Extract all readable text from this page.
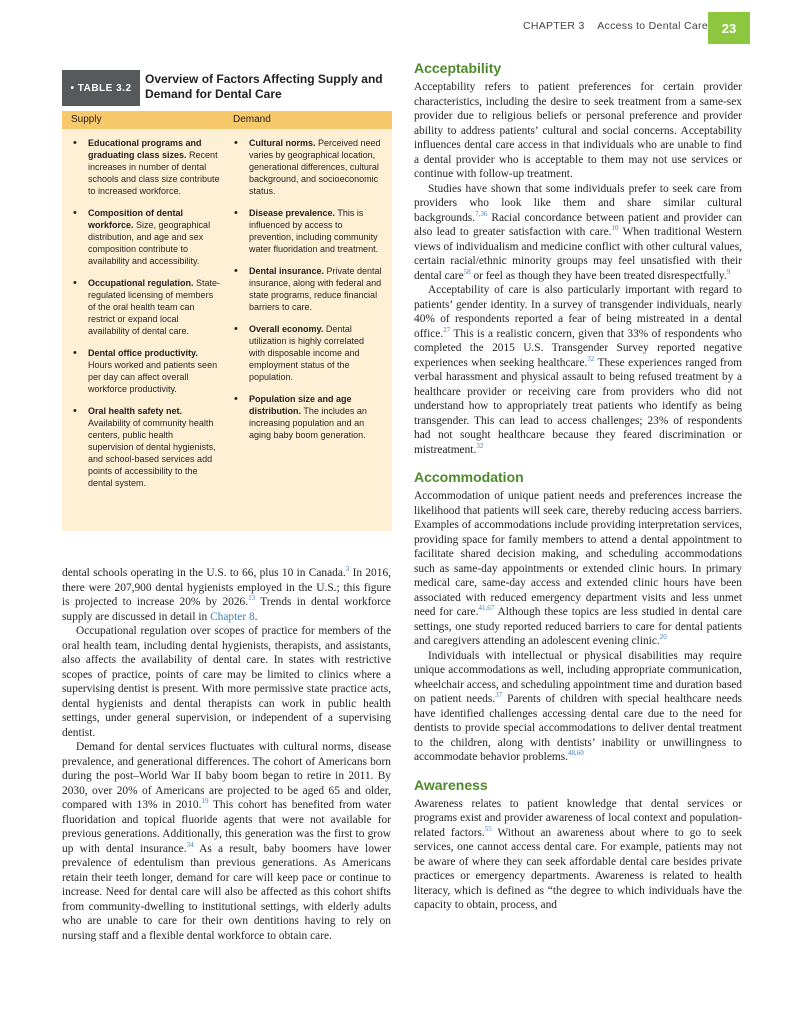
CHAPTER 3 Access to Dental Care	23
• TABLE 3.2
Overview of Factors Affecting Supply and Demand for Dental Care
Supply	Demand
• Educational programs and graduating class sizes. Recent increases in number of dental schools and class size contribute to increased workforce.
• Composition of dental workforce. Size, geographical distribution, and age and sex composition contribute to availability and accessibility.
• Occupational regulation. State-regulated licensing of members of the oral health team can restrict or expand local availability of dental care.
• Dental office productivity. Hours worked and patients seen per day can affect overall workforce productivity.
• Oral health safety net. Availability of community health centers, public health supervision of dental hygienists, and school-based services add points of accessibility to the dental system.
• Cultural norms. Perceived need varies by geographical location, generational differences, cultural background, and socioeconomic status.
• Disease prevalence. This is influenced by access to prevention, including community water fluoridation and treatment.
• Dental insurance. Private dental insurance, along with federal and state programs, reduce financial barriers to care.
• Overall economy. Dental utilization is highly correlated with disposable income and employment status of the population.
• Population size and age distribution. The includes an increasing population and an aging baby boom generation.

dental schools operating in the U.S. to 66, plus 10 in Canada.$^3$ In 2016, there were 207,900 dental hygienists employed in the U.S.; this figure is projected to increase 20% by 2026.13 Trends in dental workforce supply are discussed in detail in Chapter 8.

Occupational regulation over scopes of practice for members of the oral health team, including dental hygienists, therapists, and assistants, also affects the availability of dental care. In states with restrictive scopes of practice, points of care may be limited to clinics where a supervising dentist is present. With more permissive state practice acts, dental hygienists and dental therapists can work in public health settings, under general supervision, or independent of a supervising dentist.

Demand for dental services fluctuates with cultural norms, disease prevalence, and generational differences. The cohort of Americans born during the post–World War II baby boom began to retire in 2011. By 2030, over 20% of Americans are projected to be aged 65 and older, compared with 13% in 2010.19 This cohort has benefited from water fluoridation and topical fluoride agents that were not available for previous generations. Additionally, this generation was the first to grow up with dental insurance.$^{34}$ As a result, baby boomers have lower prevalence of edentulism than previous generations. As Americans retain their teeth longer, demand for care will keep pace or continue to increase. Need for dental care will also be affected as this cohort shifts from community-dwelling to institutional settings, with elderly adults who are unable to care for their own dentitions having to rely on nursing staff and a flexible dental workforce to obtain care.

Acceptability

Acceptability refers to patient preferences for certain provider characteristics, including the desire to seek treatment from a same-sex provider due to religious beliefs or personal preference and provider ability to address patients’ cultural and social concerns. Acceptability influences dental care access in that individuals who are unable to find a dental provider who is acceptable to them may not use services or continue with follow-up treatment.

Studies have shown that some individuals prefer to seek care from providers who look like them and share similar cultural backgrounds.$^{7,36}$ Racial concordance between patient and provider can also lead to greater satisfaction with care.$^{10}$ When traditional Western views of individualism and medicine conflict with other cultural values, certain racial/ethnic minority groups may feel unsatisfied with their dental care$^{58}$ or feel as though they have been treated disrespectfully.$^9$

Acceptability of care is also particularly important with regard to patients’ gender identity. In a survey of transgender individuals, nearly 40% of respondents reported a fear of being mistreated in a dental office.$^{27}$ This is a realistic concern, given that 33% of respondents who completed the 2015 U.S. Transgender Survey reported negative experiences when seeking healthcare.$^{32}$ These experiences ranged from verbal harassment and physical assault to being refused treatment by a healthcare provider or receiving care from providers who did not understand how to appropriately treat patients who identify as being transgender. This can lead to access challenges; 23% of respondents had not sought healthcare because they feared discrimination or mistreatment.$^{32}$

Accommodation

Accommodation of unique patient needs and preferences increase the likelihood that patients will seek care, thereby reducing access barriers. Examples of accommodations include providing interpretation services, providing space for family members to attend a dental appointment to facilitate shared decision making, and scheduling accommodations such as same-day appointments or extended clinic hours. In primary medical care, same-day access and extended clinic hours have been associated with reduced emergency department visits and less unmet need for care.$^{41,67}$ Although these topics are less studied in dental care settings, one study reported reduced barriers to care for dental patients and caregivers attending an adolescent evening clinic.$^{20}$

Individuals with intellectual or physical disabilities may require unique accommodations as well, including appropriate communication, wheelchair access, and scheduling appointment time and duration based on patient needs.$^{37}$ Parents of children with special healthcare needs have identified challenges accessing dental care due to the need for dentists to provide special accommodations to deliver dental treatment to the children, along with dentists’ inability or unwillingness to accommodate behavior problems.$^{48,60}$

Awareness

Awareness relates to patient knowledge that dental services or programs exist and provider awareness of local context and population-related factors.$^{55}$ Without an awareness about where to go to seek services, one cannot access dental care. For example, patients may not be aware of where they can seek affordable dental care besides private practices or emergency departments. Awareness is related to health literacy, which is defined as “the degree to which individuals have the capacity to obtain, process, and
